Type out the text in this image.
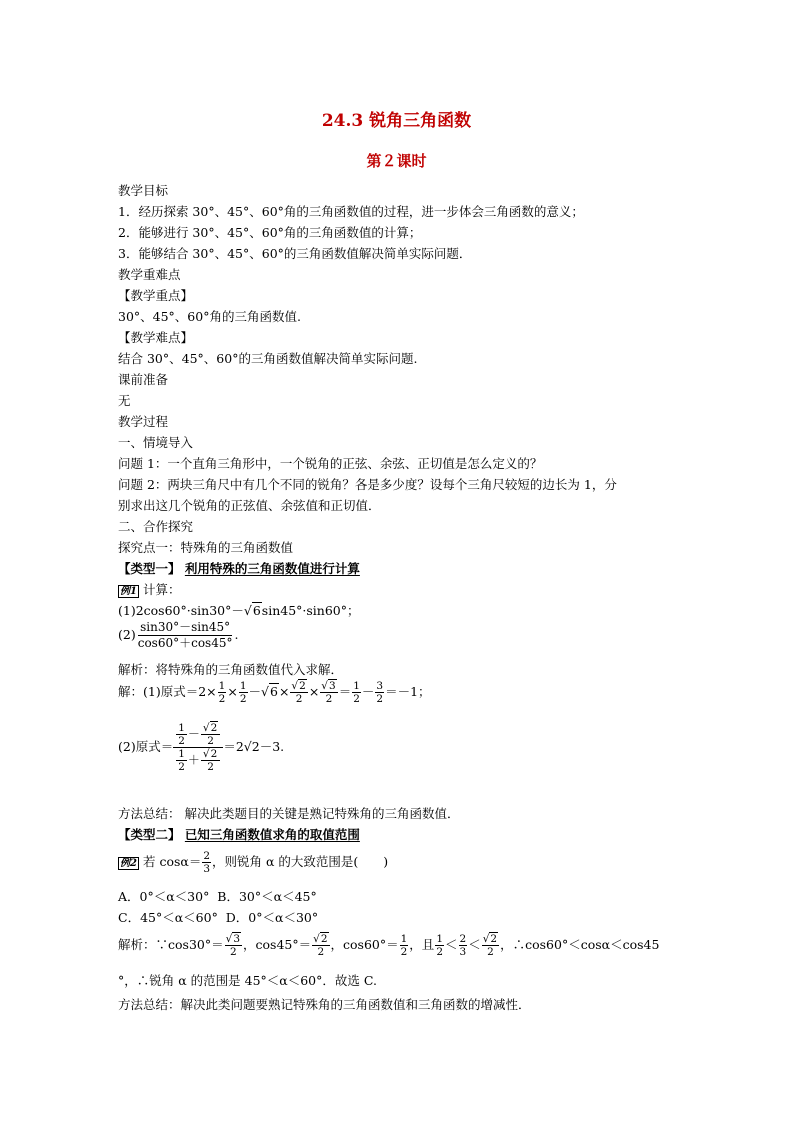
24.3 锐角三角函数
第２课时
教学目标
1．经历探索 30°、45°、60°角的三角函数值的过程，进一步体会三角函数的意义；
2．能够进行 30°、45°、60°角的三角函数值的计算；
3．能够结合 30°、45°、60°的三角函数值解决简单实际问题．
教学重难点
【教学重点】
30°、45°、60°角的三角函数值.
【教学难点】
结合 30°、45°、60°的三角函数值解决简单实际问题.
课前准备
无
教学过程
一、情境导入
问题 1：一个直角三角形中，一个锐角的正弦、余弦、正切值是怎么定义的？
问题 2：两块三角尺中有几个不同的锐角？各是多少度？设每个三角尺较短的边长为 1，分
别求出这几个锐角的正弦值、余弦值和正切值．
二、合作探究
探究点一：特殊角的三角函数值
【类型一】 利用特殊的三角函数值进行计算
例1 计算：
(1)2cos60°·sin30°－√6sin45°·sin60°；
$(2) \frac{\sin 30^\circ-\sin 45^\circ}{\cos 60^\circ+\cos 45^\circ}$ .
解析：将特殊角的三角函数值代入求解．
解：(1)原式$=2\times \frac{1}{2} \times \frac{1}{2} -√6\times \frac{√2}{2} \times \frac{√3}{2} = \frac{1}{2} - \frac{3}{2} =-1$；
(2)原式＝ $\frac{\frac{1}{2} - \frac{√2}{2}}{\frac{1}{2} + \frac{√2}{2}} =2√2-3$.
方法总结： 解决此类题目的关键是熟记特殊角的三角函数值．
【类型二】 已知三角函数值求角的取值范围
例2 若 $\cos\alpha= \frac{2}{3}$ ，则锐角 α 的大致范围是(　　)
A．0°＜α＜30° B．30°＜α＜45°
C．45°＜α＜60° D．0°＜α＜30°
解析：∵cos30°＝ $\frac{√3}{2}$ ，$\cos 45^\circ= \frac{√2}{2}$ ，$\cos 60^\circ= \frac{1}{2}$ ，且 $\frac{1}{2} < \frac{2}{3} < \frac{√2}{2}$ ，∴cos60°＜cosα＜cos45
°，∴锐角 α 的范围是 45°＜α＜60°．故选 C.
方法总结：解决此类问题要熟记特殊角的三角函数值和三角函数的增减性．
